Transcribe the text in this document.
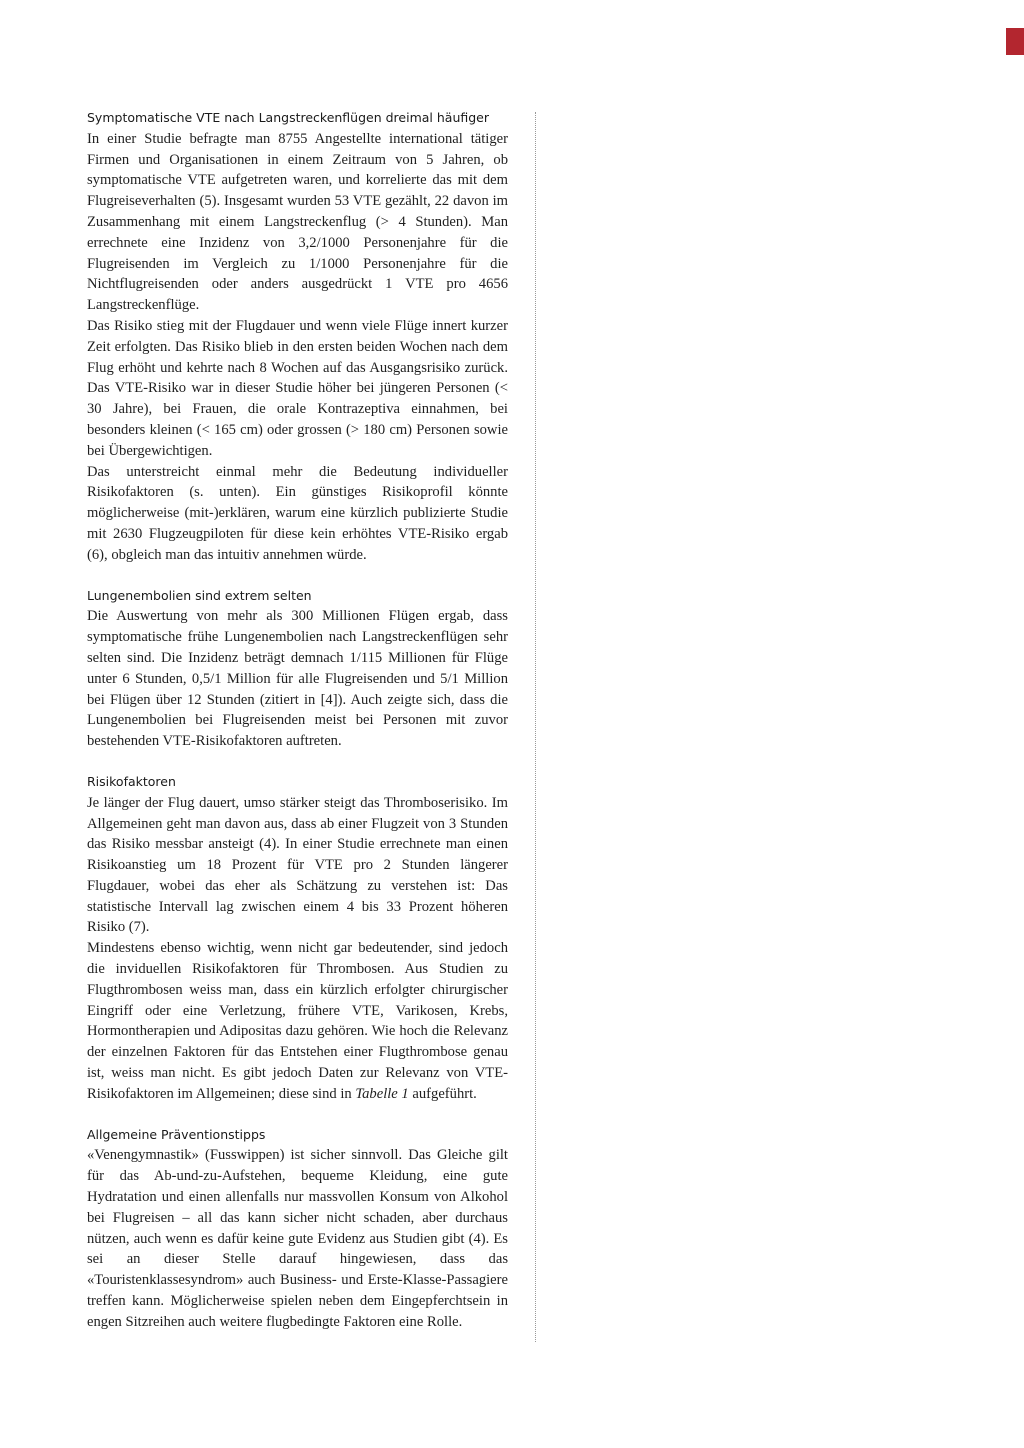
Symptomatische VTE nach Langstreckenflügen dreimal häufiger

In einer Studie befragte man 8755 Angestellte international tätiger Firmen und Organisationen in einem Zeitraum von 5 Jahren, ob symptomatische VTE aufgetreten waren, und korrelierte das mit dem Flugreiseverhalten (5). Insgesamt wurden 53 VTE gezählt, 22 davon im Zusammenhang mit einem Langstreckenflug (> 4 Stunden). Man errechnete eine Inzidenz von 3,2/1000 Personenjahre für die Flugreisenden im Vergleich zu 1/1000 Personenjahre für die Nichtflugreisenden oder anders ausgedrückt 1 VTE pro 4656 Langstreckenflüge.

Das Risiko stieg mit der Flugdauer und wenn viele Flüge innert kurzer Zeit erfolgten. Das Risiko blieb in den ersten beiden Wochen nach dem Flug erhöht und kehrte nach 8 Wochen auf das Ausgangsrisiko zurück. Das VTE-Risiko war in dieser Studie höher bei jüngeren Personen (< 30 Jahre), bei Frauen, die orale Kontrazeptiva einnahmen, bei besonders kleinen (< 165 cm) oder grossen (> 180 cm) Personen sowie bei Übergewichtigen.

Das unterstreicht einmal mehr die Bedeutung individueller Risikofaktoren (s. unten). Ein günstiges Risikoprofil könnte möglicherweise (mit-)erklären, warum eine kürzlich publizierte Studie mit 2630 Flugzeugpiloten für diese kein erhöhtes VTE-Risiko ergab (6), obgleich man das intuitiv annehmen würde.

Lungenembolien sind extrem selten

Die Auswertung von mehr als 300 Millionen Flügen ergab, dass symptomatische frühe Lungenembolien nach Langstreckenflügen sehr selten sind. Die Inzidenz beträgt demnach 1/115 Millionen für Flüge unter 6 Stunden, 0,5/1 Million für alle Flugreisenden und 5/1 Million bei Flügen über 12 Stunden (zitiert in [4]). Auch zeigte sich, dass die Lungenembolien bei Flugreisenden meist bei Personen mit zuvor bestehenden VTE-Risikofaktoren auftreten.

Risikofaktoren

Je länger der Flug dauert, umso stärker steigt das Thromboserisiko. Im Allgemeinen geht man davon aus, dass ab einer Flugzeit von 3 Stunden das Risiko messbar ansteigt (4). In einer Studie errechnete man einen Risikoanstieg um 18 Prozent für VTE pro 2 Stunden längerer Flugdauer, wobei das eher als Schätzung zu verstehen ist: Das statistische Intervall lag zwischen einem 4 bis 33 Prozent höheren Risiko (7).

Mindestens ebenso wichtig, wenn nicht gar bedeutender, sind jedoch die inviduellen Risikofaktoren für Thrombosen. Aus Studien zu Flugthrombosen weiss man, dass ein kürzlich erfolgter chirurgischer Eingriff oder eine Verletzung, frühere VTE, Varikosen, Krebs, Hormontherapien und Adipositas dazu gehören. Wie hoch die Relevanz der einzelnen Faktoren für das Entstehen einer Flugthrombose genau ist, weiss man nicht. Es gibt jedoch Daten zur Relevanz von VTE-Risikofaktoren im Allgemeinen; diese sind in Tabelle 1 aufgeführt.

Allgemeine Präventionstipps

«Venengymnastik» (Fusswippen) ist sicher sinnvoll. Das Gleiche gilt für das Ab-und-zu-Aufstehen, bequeme Kleidung, eine gute Hydratation und einen allenfalls nur massvollen Konsum von Alkohol bei Flugreisen – all das kann sicher nicht schaden, aber durchaus nützen, auch wenn es dafür keine gute Evidenz aus Studien gibt (4). Es sei an dieser Stelle darauf hingewiesen, dass das «Touristenklassesyndrom» auch Business- und Erste-Klasse-Passagiere treffen kann. Möglicherweise spielen neben dem Eingepferchtsein in engen Sitzreihen auch weitere flugbedingte Faktoren eine Rolle.
